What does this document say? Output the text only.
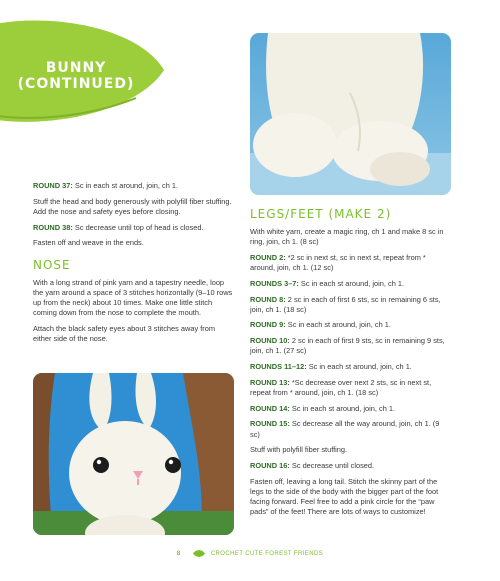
BUNNY
(CONTINUED)

ROUND 37: Sc in each st around, join, ch 1.

Stuff the head and body generously with polyfill fiber stuffing. Add the nose and safety eyes before closing.

ROUND 38: Sc decrease until top of head is closed.

Fasten off and weave in the ends.

NOSE

With a long strand of pink yarn and a tapestry needle, loop the yarn around a space of 3 stitches horizontally (9–10 rows up from the neck) about 10 times. Make one little stitch coming down from the nose to complete the mouth.

Attach the black safety eyes about 3 stitches away from either side of the nose.

LEGS/FEET (MAKE 2)

With white yarn, create a magic ring, ch 1 and make 8 sc in ring, join, ch 1. (8 sc)

ROUND 2: *2 sc in next st, sc in next st, repeat from * around, join, ch 1. (12 sc)

ROUNDS 3–7: Sc in each st around, join, ch 1.

ROUND 8: 2 sc in each of first 6 sts, sc in remaining 6 sts, join, ch 1. (18 sc)

ROUND 9: Sc in each st around, join, ch 1.

ROUND 10: 2 sc in each of first 9 sts, sc in remaining 9 sts, join, ch 1. (27 sc)

ROUNDS 11–12: Sc in each st around, join, ch 1.

ROUND 13: *Sc decrease over next 2 sts, sc in next st, repeat from * around, join, ch 1. (18 sc)

ROUND 14: Sc in each st around, join, ch 1.

ROUND 15: Sc decrease all the way around, join, ch 1. (9 sc)

Stuff with polyfill fiber stuffing.

ROUND 16: Sc decrease until closed.

Fasten off, leaving a long tail. Stitch the skinny part of the legs to the side of the body with the bigger part of the foot facing forward. Feel free to add a pink circle for the “paw pads” of the feet! There are lots of ways to customize!

8	CROCHET CUTE FOREST FRIENDS
